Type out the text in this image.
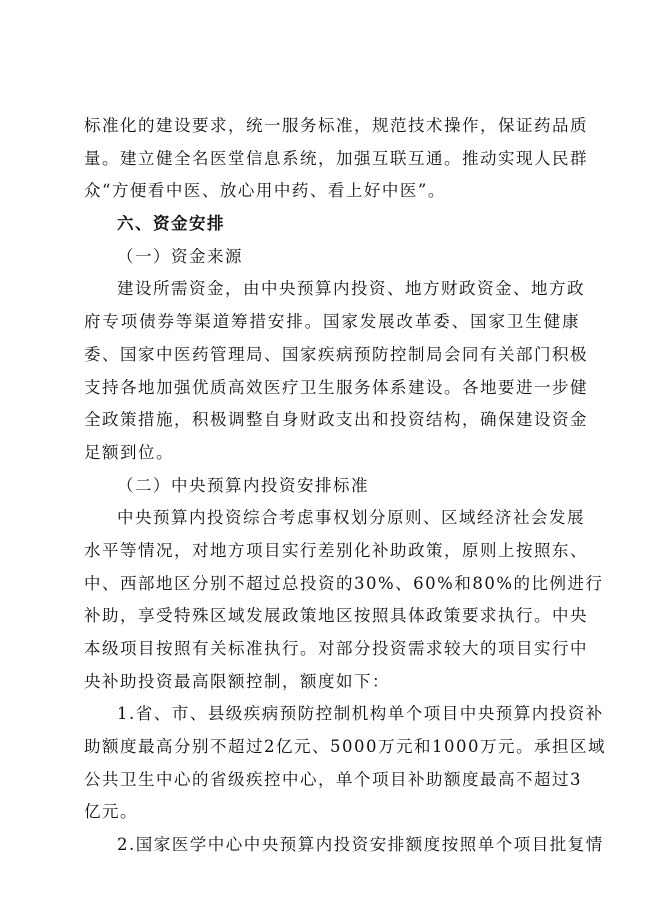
标准化的建设要求，统一服务标准，规范技术操作，保证药品质
量。建立健全名医堂信息系统，加强互联互通。推动实现人民群
众“方便看中医、放心用中药、看上好中医”。
六、资金安排
（一）资金来源
建设所需资金，由中央预算内投资、地方财政资金、地方政
府专项债券等渠道筹措安排。国家发展改革委、国家卫生健康
委、国家中医药管理局、国家疾病预防控制局会同有关部门积极
支持各地加强优质高效医疗卫生服务体系建设。各地要进一步健
全政策措施，积极调整自身财政支出和投资结构，确保建设资金
足额到位。
（二）中央预算内投资安排标准
中央预算内投资综合考虑事权划分原则、区域经济社会发展
水平等情况，对地方项目实行差别化补助政策，原则上按照东、
中、西部地区分别不超过总投资的30%、60%和80%的比例进行
补助，享受特殊区域发展政策地区按照具体政策要求执行。中央
本级项目按照有关标准执行。对部分投资需求较大的项目实行中
央补助投资最高限额控制，额度如下：
1.省、市、县级疾病预防控制机构单个项目中央预算内投资补
助额度最高分别不超过2亿元、5000万元和1000万元。承担区域
公共卫生中心的省级疾控中心，单个项目补助额度最高不超过3
亿元。
2.国家医学中心中央预算内投资安排额度按照单个项目批复情
